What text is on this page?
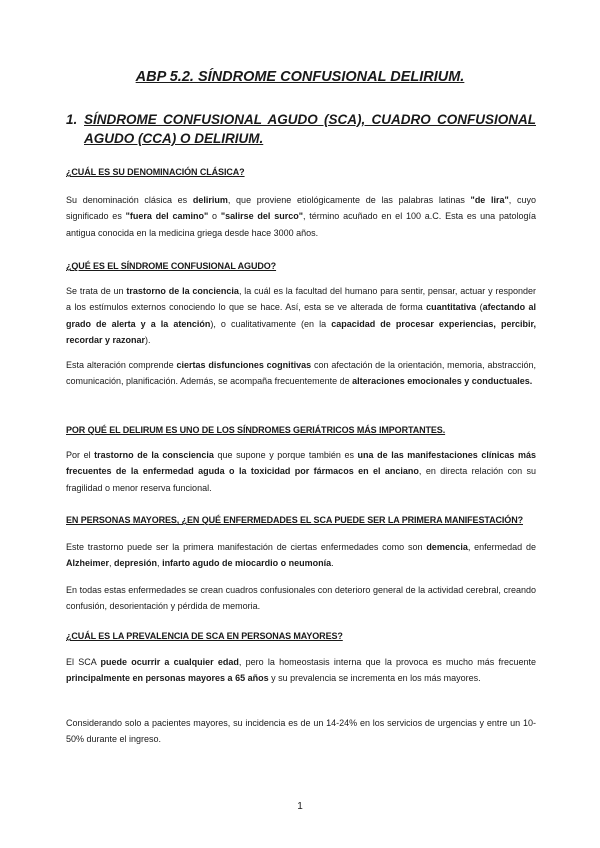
ABP 5.2. SÍNDROME CONFUSIONAL DELIRIUM.
1. SÍNDROME CONFUSIONAL AGUDO (SCA), CUADRO CONFUSIONAL AGUDO (CCA) O DELIRIUM.
¿CUÁL ES SU DENOMINACIÓN CLÁSICA?

Su denominación clásica es delirium, que proviene etiológicamente de las palabras latinas "de lira", cuyo significado es "fuera del camino" o "salirse del surco", término acuñado en el 100 a.C. Esta es una patología antigua conocida en la medicina griega desde hace 3000 años.

¿QUÉ ES EL SÍNDROME CONFUSIONAL AGUDO?

Se trata de un trastorno de la conciencia, la cuál es la facultad del humano para sentir, pensar, actuar y responder a los estímulos externos conociendo lo que se hace. Así, esta se ve alterada de forma cuantitativa (afectando al grado de alerta y a la atención), o cualitativamente (en la capacidad de procesar experiencias, percibir, recordar y razonar).

Esta alteración comprende ciertas disfunciones cognitivas con afectación de la orientación, memoria, abstracción, comunicación, planificación. Además, se acompaña frecuentemente de alteraciones emocionales y conductuales.

POR QUÉ EL DELIRUM ES UNO DE LOS SÍNDROMES GERIÁTRICOS MÁS IMPORTANTES.

Por el trastorno de la consciencia que supone y porque también es una de las manifestaciones clínicas más frecuentes de la enfermedad aguda o la toxicidad por fármacos en el anciano, en directa relación con su fragilidad o menor reserva funcional.

EN PERSONAS MAYORES, ¿EN QUÉ ENFERMEDADES EL SCA PUEDE SER LA PRIMERA MANIFESTACIÓN?

Este trastorno puede ser la primera manifestación de ciertas enfermedades como son demencia, enfermedad de Alzheimer, depresión, infarto agudo de miocardio o neumonía.

En todas estas enfermedades se crean cuadros confusionales con deterioro general de la actividad cerebral, creando confusión, desorientación y pérdida de memoria.

¿CUÁL ES LA PREVALENCIA DE SCA EN PERSONAS MAYORES?

El SCA puede ocurrir a cualquier edad, pero la homeostasis interna que la provoca es mucho más frecuente principalmente en personas mayores a 65 años y su prevalencia se incrementa en los más mayores.

Considerando solo a pacientes mayores, su incidencia es de un 14-24% en los servicios de urgencias y entre un 10-50% durante el ingreso.

1
